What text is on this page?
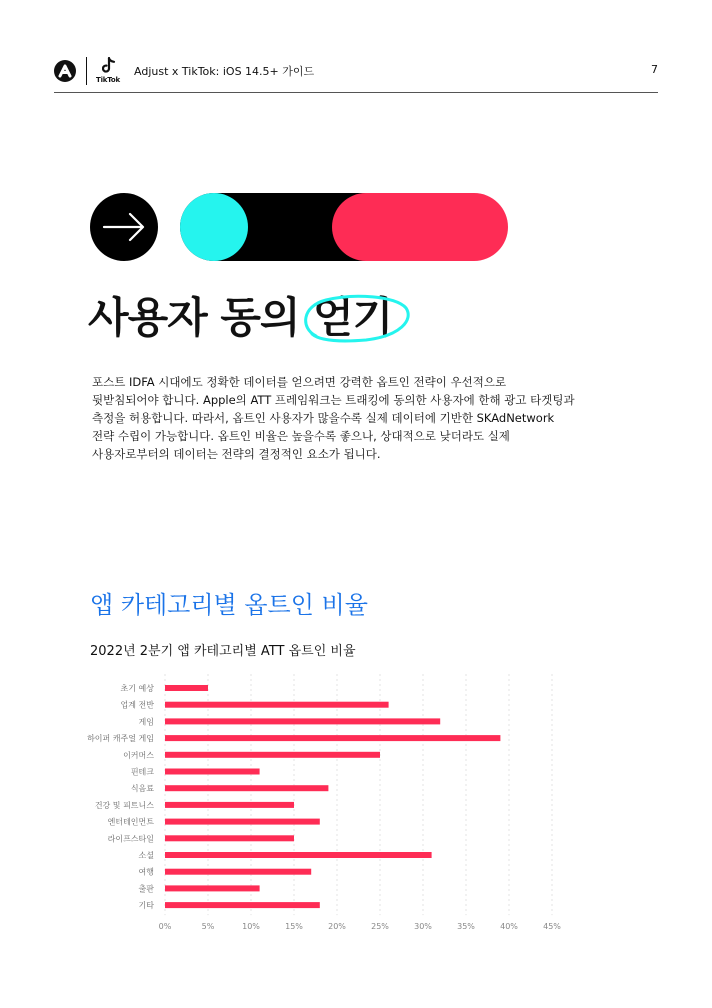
TikTok
Adjust x TikTok: iOS 14.5+ 가이드	7
사용자 동의 얻기
포스트 IDFA 시대에도 정확한 데이터를 얻으려면 강력한 옵트인 전략이 우선적으로
뒷받침되어야 합니다. Apple의 ATT 프레임워크는 트래킹에 동의한 사용자에 한해 광고 타겟팅과
측정을 허용합니다. 따라서, 옵트인 사용자가 많을수록 실제 데이터에 기반한 SKAdNetwork
전략 수립이 가능합니다. 옵트인 비율은 높을수록 좋으나, 상대적으로 낮더라도 실제
사용자로부터의 데이터는 전략의 결정적인 요소가 됩니다.
앱 카테고리별 옵트인 비율
2022년 2분기 앱 카테고리별 ATT 옵트인 비율
0%	5%	10%	15%	20%	25%	30%	35%	40%	45%
초기 예상
업계 전반
게임
하이퍼 캐주얼 게임
이커머스
핀테크
식음료
건강 및 피트니스
엔터테인먼트
라이프스타일
소셜
여행
출판
기타
